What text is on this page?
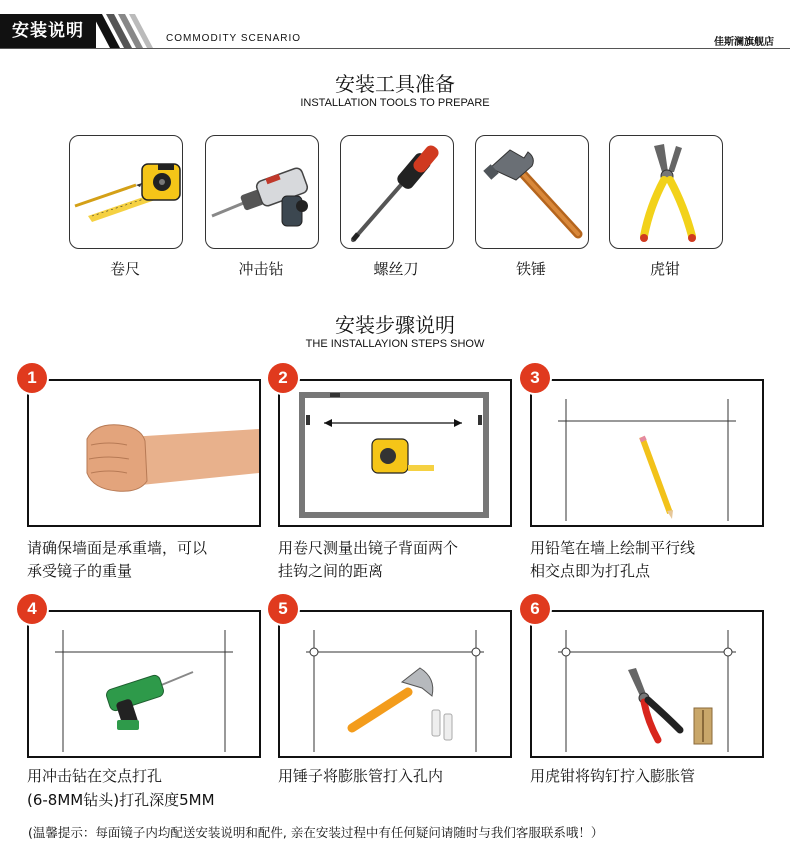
安装说明	COMMODITY SCENARIO	佳斯澜旗舰店
安装工具准备
INSTALLATION TOOLS TO PREPARE
卷尺	冲击钻	螺丝刀	铁锤	虎钳
安装步骤说明
THE INSTALLAYION STEPS SHOW
1
请确保墙面是承重墙，可以
承受镜子的重量
2
用卷尺测量出镜子背面两个
挂钩之间的距离
3
用铅笔在墙上绘制平行线
相交点即为打孔点
4
用冲击钻在交点打孔
(6-8MM钻头)打孔深度5MM
5
用锤子将膨胀管打入孔内
6
用虎钳将钩钉拧入膨胀管
(温馨提示：每面镜子内均配送安装说明和配件, 亲在安装过程中有任何疑问请随时与我们客服联系哦！）
